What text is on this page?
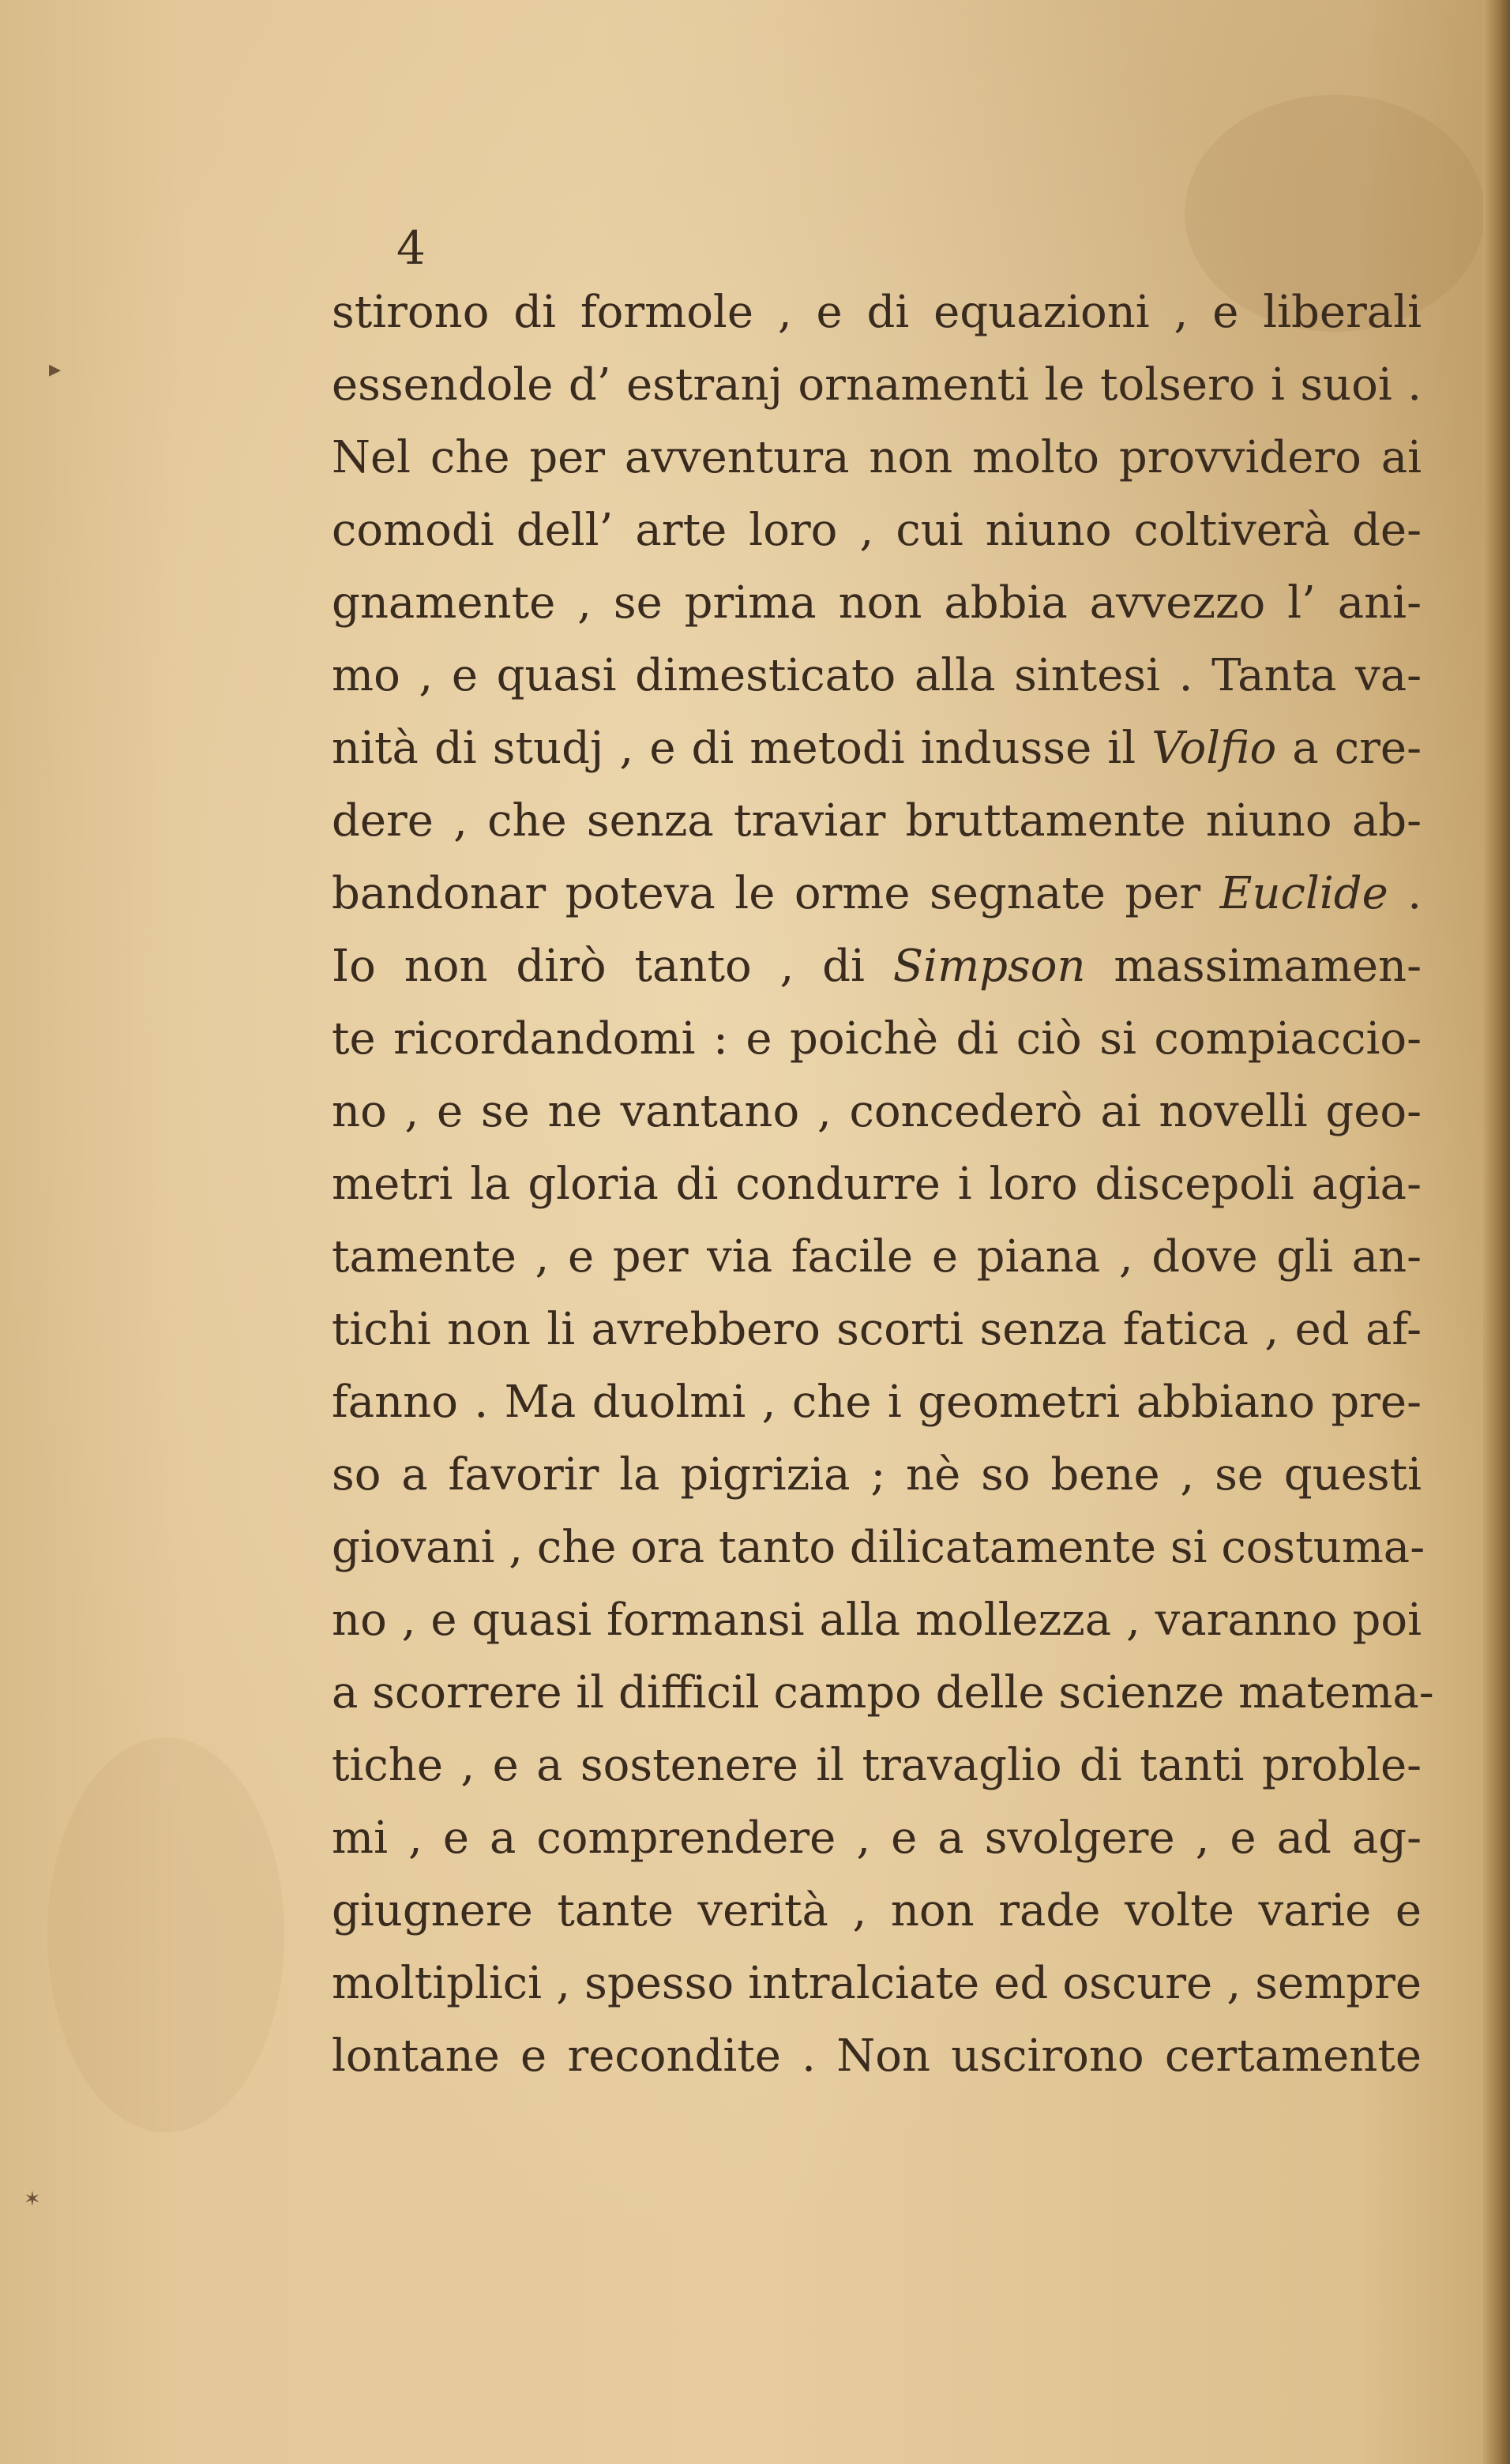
▸
✶
4
stirono di formole , e di equazioni , e liberali
essendole d’ estranj ornamenti le tolsero i suoi .
Nel che per avventura non molto provvidero ai
comodi dell’ arte loro , cui niuno coltiverà de-
gnamente , se prima non abbia avvezzo l’ ani-
mo , e quasi dimesticato alla sintesi . Tanta va-
nità di studj , e di metodi indusse il Volfio a cre-
dere , che senza traviar bruttamente niuno ab-
bandonar poteva le orme segnate per Euclide .
Io non dirò tanto , di Simpson massimamen-
te ricordandomi : e poichè di ciò si compiaccio-
no , e se ne vantano , concederò ai novelli geo-
metri la gloria di condurre i loro discepoli agia-
tamente , e per via facile e piana , dove gli an-
tichi non li avrebbero scorti senza fatica , ed af-
fanno . Ma duolmi , che i geometri abbiano pre-
so a favorir la pigrizia ; nè so bene , se questi
giovani , che ora tanto dilicatamente si costuma-
no , e quasi formansi alla mollezza , varanno poi
a scorrere il difficil campo delle scienze matema-
tiche , e a sostenere il travaglio di tanti proble-
mi , e a comprendere , e a svolgere , e ad ag-
giugnere tante verità , non rade volte varie e
moltiplici , spesso intralciate ed oscure , sempre
lontane e recondite . Non uscirono certamente
